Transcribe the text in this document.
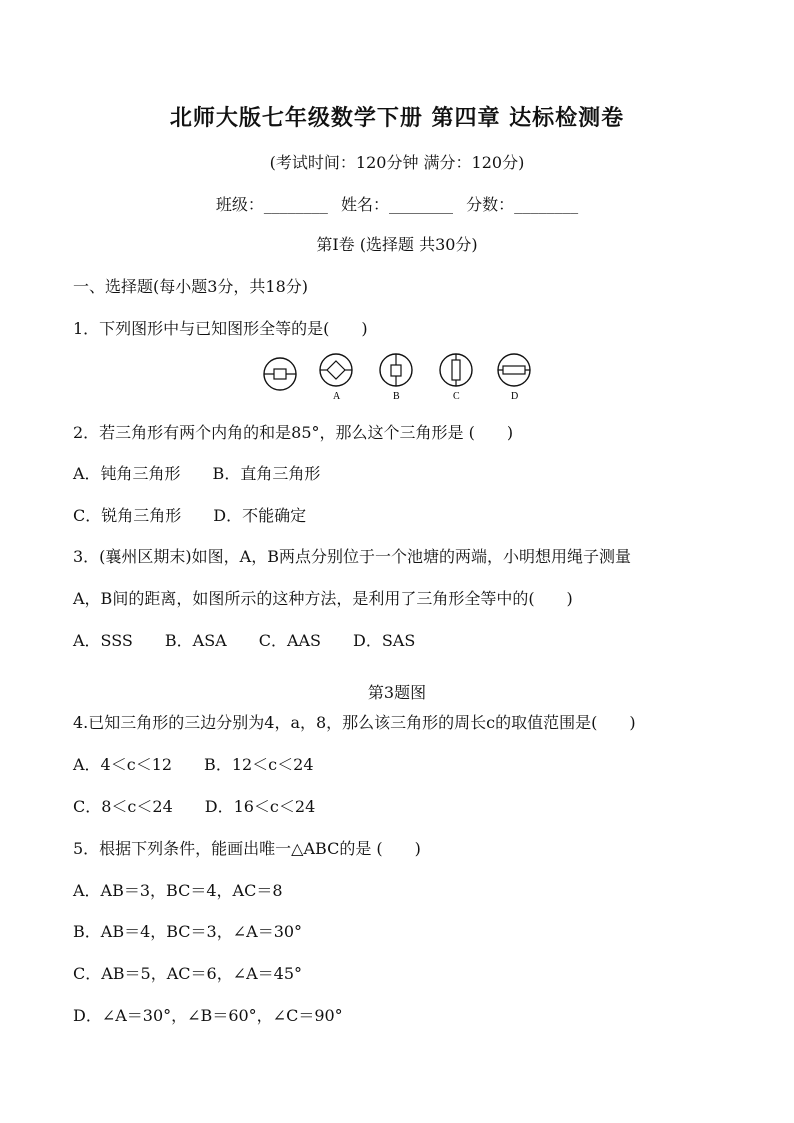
北师大版七年级数学下册 第四章 达标检测卷
(考试时间：120分钟 满分：120分)
班级：________ 姓名：________ 分数：________
第Ⅰ卷 (选择题 共30分)
一、选择题(每小题3分，共18分)
1．下列图形中与已知图形全等的是(　　)
A	B	C	D
2．若三角形有两个内角的和是85°，那么这个三角形是 (　　)
A．钝角三角形　　B．直角三角形
C．锐角三角形　　D．不能确定
3．(襄州区期末)如图，A，B两点分别位于一个池塘的两端，小明想用绳子测量
A，B间的距离，如图所示的这种方法，是利用了三角形全等中的(　　)
A．SSS　　B．ASA　　C．AAS　　D．SAS
第3题图
4.已知三角形的三边分别为4，a，8，那么该三角形的周长c的取值范围是(　　)
A．4＜c＜12　　B．12＜c＜24
C．8＜c＜24　　D．16＜c＜24
5．根据下列条件，能画出唯一△ABC的是 (　　)
A．AB＝3，BC＝4，AC＝8
B．AB＝4，BC＝3，∠A＝30°
C．AB＝5，AC＝6，∠A＝45°
D．∠A＝30°，∠B＝60°，∠C＝90°
